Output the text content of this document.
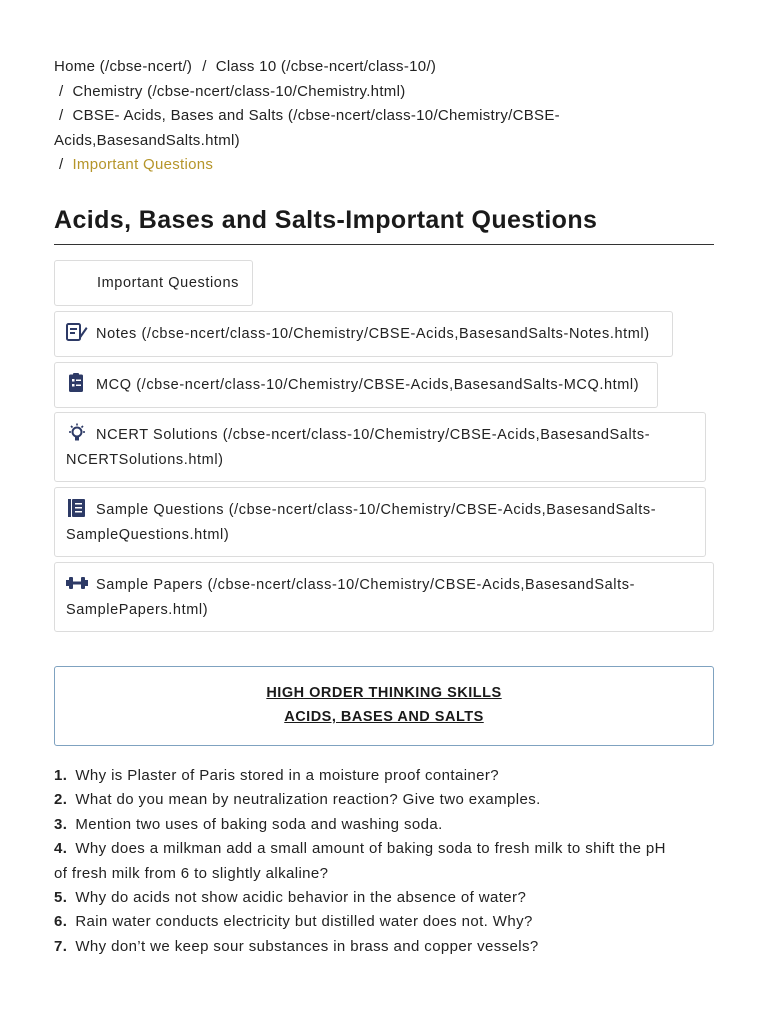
Home (/cbse-ncert/) / Class 10 (/cbse-ncert/class-10/)
/ Chemistry (/cbse-ncert/class-10/Chemistry.html)
/ CBSE- Acids, Bases and Salts (/cbse-ncert/class-10/Chemistry/CBSE-
Acids,BasesandSalts.html)
/ Important Questions
Acids, Bases and Salts-Important Questions
Important Questions
Notes (/cbse-ncert/class-10/Chemistry/CBSE-Acids,BasesandSalts-Notes.html)
MCQ (/cbse-ncert/class-10/Chemistry/CBSE-Acids,BasesandSalts-MCQ.html)
NCERT Solutions (/cbse-ncert/class-10/Chemistry/CBSE-Acids,BasesandSalts-
NCERTSolutions.html)
Sample Questions (/cbse-ncert/class-10/Chemistry/CBSE-Acids,BasesandSalts-
SampleQuestions.html)
Sample Papers (/cbse-ncert/class-10/Chemistry/CBSE-Acids,BasesandSalts-
SamplePapers.html)
HIGH ORDER THINKING SKILLS
ACIDS, BASES AND SALTS
1. Why is Plaster of Paris stored in a moisture proof container?
2. What do you mean by neutralization reaction? Give two examples.
3. Mention two uses of baking soda and washing soda.
4. Why does a milkman add a small amount of baking soda to fresh milk to shift the pH
of fresh milk from 6 to slightly alkaline?
5. Why do acids not show acidic behavior in the absence of water?
6. Rain water conducts electricity but distilled water does not. Why?
7. Why don’t we keep sour substances in brass and copper vessels?
